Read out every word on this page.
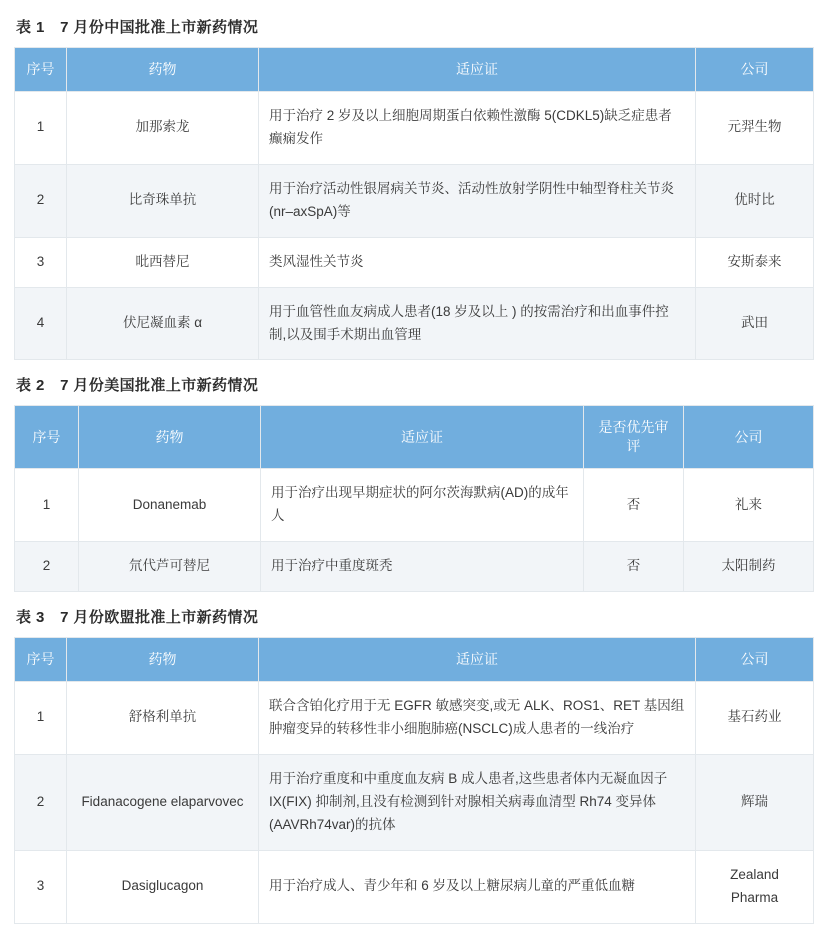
表 1　7 月份中国批准上市新药情况
序号	药物	适应证	公司
1	加那索龙	用于治疗 2 岁及以上细胞周期蛋白依赖性激酶 5(CDKL5)缺乏症患者癫痫发作	元羿生物
2	比奇珠单抗	用于治疗活动性银屑病关节炎、活动性放射学阴性中轴型脊柱关节炎(nr–axSpA)等	优时比
3	吡西替尼	类风湿性关节炎	安斯泰来
4	伏尼凝血素 α	用于血管性血友病成人患者(18 岁及以上 ) 的按需治疗和出血事件控制,以及围手术期出血管理	武田
表 2　7 月份美国批准上市新药情况
序号	药物	适应证	是否优先审评	公司
1	Donanemab	用于治疗出现早期症状的阿尔茨海默病(AD)的成年人	否	礼来
2	氘代芦可替尼	用于治疗中重度斑秃	否	太阳制药
表 3　7 月份欧盟批准上市新药情况
序号	药物	适应证	公司
1	舒格利单抗	联合含铂化疗用于无 EGFR 敏感突变,或无 ALK、ROS1、RET 基因组肿瘤变异的转移性非小细胞肺癌(NSCLC)成人患者的一线治疗	基石药业
2	Fidanacogene elaparvovec	用于治疗重度和中重度血友病 B 成人患者,这些患者体内无凝血因子 IX(FIX) 抑制剂,且没有检测到针对腺相关病毒血清型 Rh74 变异体(AAVRh74var)的抗体	辉瑞
3	Dasiglucagon	用于治疗成人、青少年和 6 岁及以上糖尿病儿童的严重低血糖	Zealand Pharma
